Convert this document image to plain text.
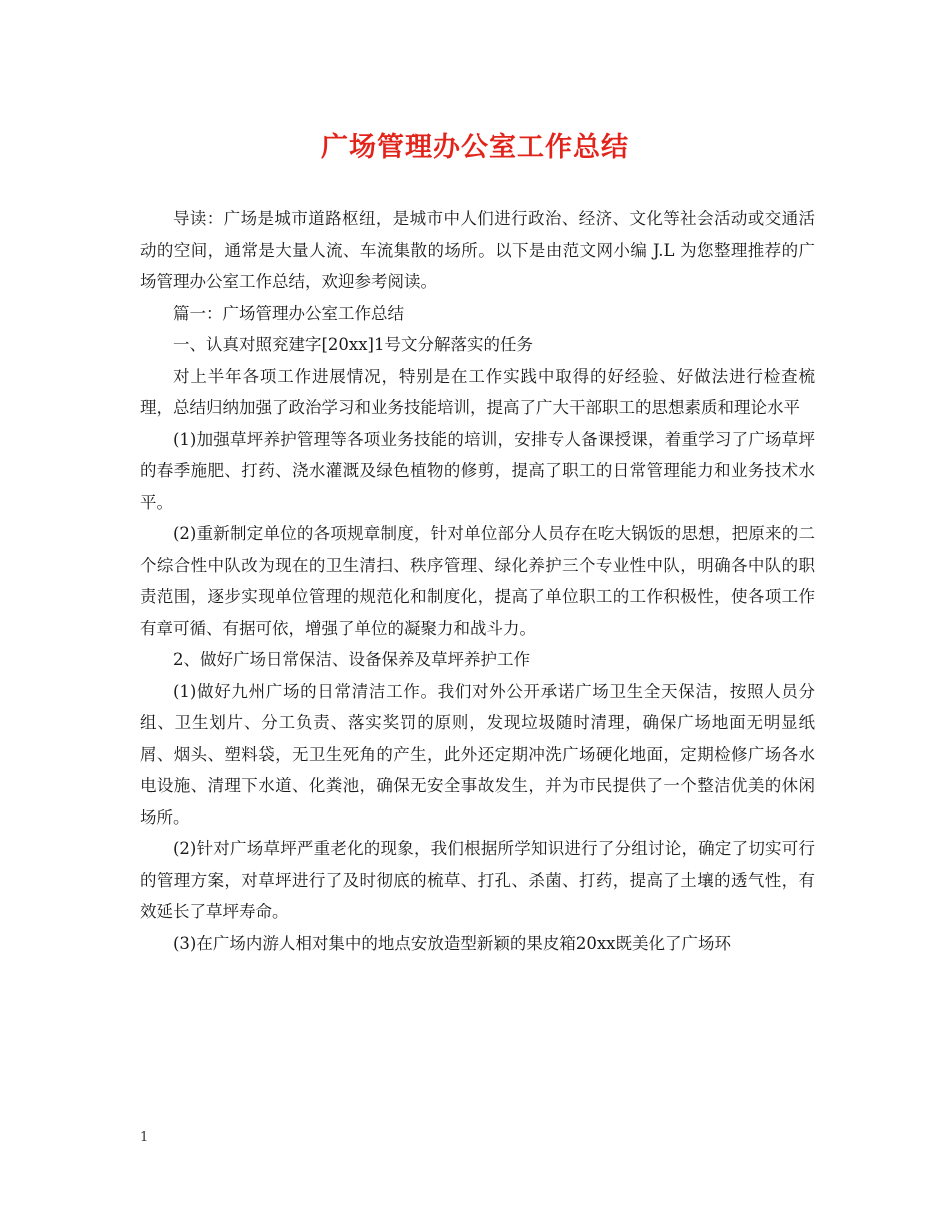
广场管理办公室工作总结

导读：广场是城市道路枢纽，是城市中人们进行政治、经济、文化等社会活动或交通活动的空间，通常是大量人流、车流集散的场所。以下是由范文网小编 J.L 为您整理推荐的广场管理办公室工作总结，欢迎参考阅读。

篇一：广场管理办公室工作总结

一、认真对照兖建字[20xx]1号文分解落实的任务

对上半年各项工作进展情况，特别是在工作实践中取得的好经验、好做法进行检查梳理，总结归纳加强了政治学习和业务技能培训，提高了广大干部职工的思想素质和理论水平

(1)加强草坪养护管理等各项业务技能的培训，安排专人备课授课，着重学习了广场草坪的春季施肥、打药、浇水灌溉及绿色植物的修剪，提高了职工的日常管理能力和业务技术水平。

(2)重新制定单位的各项规章制度，针对单位部分人员存在吃大锅饭的思想，把原来的二个综合性中队改为现在的卫生清扫、秩序管理、绿化养护三个专业性中队，明确各中队的职责范围，逐步实现单位管理的规范化和制度化，提高了单位职工的工作积极性，使各项工作有章可循、有据可依，增强了单位的凝聚力和战斗力。

2、做好广场日常保洁、设备保养及草坪养护工作

(1)做好九州广场的日常清洁工作。我们对外公开承诺广场卫生全天保洁，按照人员分组、卫生划片、分工负责、落实奖罚的原则，发现垃圾随时清理，确保广场地面无明显纸屑、烟头、塑料袋，无卫生死角的产生，此外还定期冲洗广场硬化地面，定期检修广场各水电设施、清理下水道、化粪池，确保无安全事故发生，并为市民提供了一个整洁优美的休闲场所。

(2)针对广场草坪严重老化的现象，我们根据所学知识进行了分组讨论，确定了切实可行的管理方案，对草坪进行了及时彻底的梳草、打孔、杀菌、打药，提高了土壤的透气性，有效延长了草坪寿命。

(3)在广场内游人相对集中的地点安放造型新颖的果皮箱20xx既美化了广场环

1
